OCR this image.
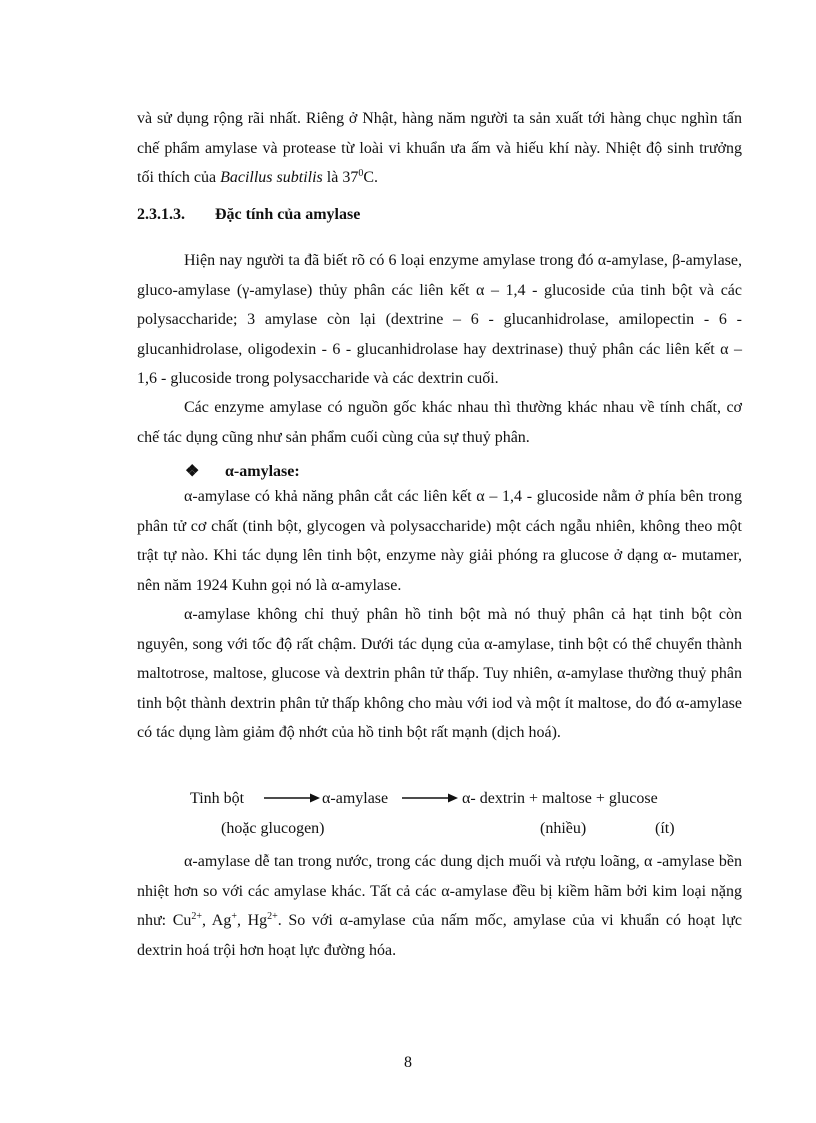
và sử dụng rộng rãi nhất. Riêng ở Nhật, hàng năm người ta sản xuất tới hàng chục nghìn tấn chế phẩm amylase và protease từ loài vi khuẩn ưa ấm và hiếu khí này. Nhiệt độ sinh trưởng tối thích của Bacillus subtilis là $37^0C$.

2.3.1.3. Đặc tính của amylase

Hiện nay người ta đã biết rõ có 6 loại enzyme amylase trong đó α-amylase, β-amylase, gluco-amylase (γ-amylase) thủy phân các liên kết α – 1,4 - glucoside của tinh bột và các polysaccharide; 3 amylase còn lại (dextrine – 6 - glucanhidrolase, amilopectin - 6 - glucanhidrolase, oligodexin - 6 - glucanhidrolase hay dextrinase) thuỷ phân các liên kết α – 1,6 - glucoside trong polysaccharide và các dextrin cuối.

Các enzyme amylase có nguồn gốc khác nhau thì thường khác nhau về tính chất, cơ chế tác dụng cũng như sản phẩm cuối cùng của sự thuỷ phân.

❖ α-amylase:

α-amylase có khả năng phân cắt các liên kết α – 1,4 - glucoside nằm ở phía bên trong phân tử cơ chất (tinh bột, glycogen và polysaccharide) một cách ngẫu nhiên, không theo một trật tự nào. Khi tác dụng lên tinh bột, enzyme này giải phóng ra glucose ở dạng α- mutamer, nên năm 1924 Kuhn gọi nó là α-amylase.

α-amylase không chỉ thuỷ phân hồ tinh bột mà nó thuỷ phân cả hạt tinh bột còn nguyên, song với tốc độ rất chậm. Dưới tác dụng của α-amylase, tinh bột có thể chuyển thành maltotrose, maltose, glucose và dextrin phân tử thấp. Tuy nhiên, α-amylase thường thuỷ phân tinh bột thành dextrin phân tử thấp không cho màu với iod và một ít maltose, do đó α-amylase có tác dụng làm giảm độ nhớt của hồ tinh bột rất mạnh (dịch hoá).

Tinh bột → α-amylase → α- dextrin + maltose + glucose
(hoặc glucogen)	(nhiều)	(ít)

α-amylase dễ tan trong nước, trong các dung dịch muối và rượu loãng, α -amylase bền nhiệt hơn so với các amylase khác. Tất cả các α-amylase đều bị kiềm hãm bởi kim loại nặng như: $Cu^{2+}$, Ag+, $Hg^{2+}$. So với α-amylase của nấm mốc, amylase của vi khuẩn có hoạt lực dextrin hoá trội hơn hoạt lực đường hóa.

8
